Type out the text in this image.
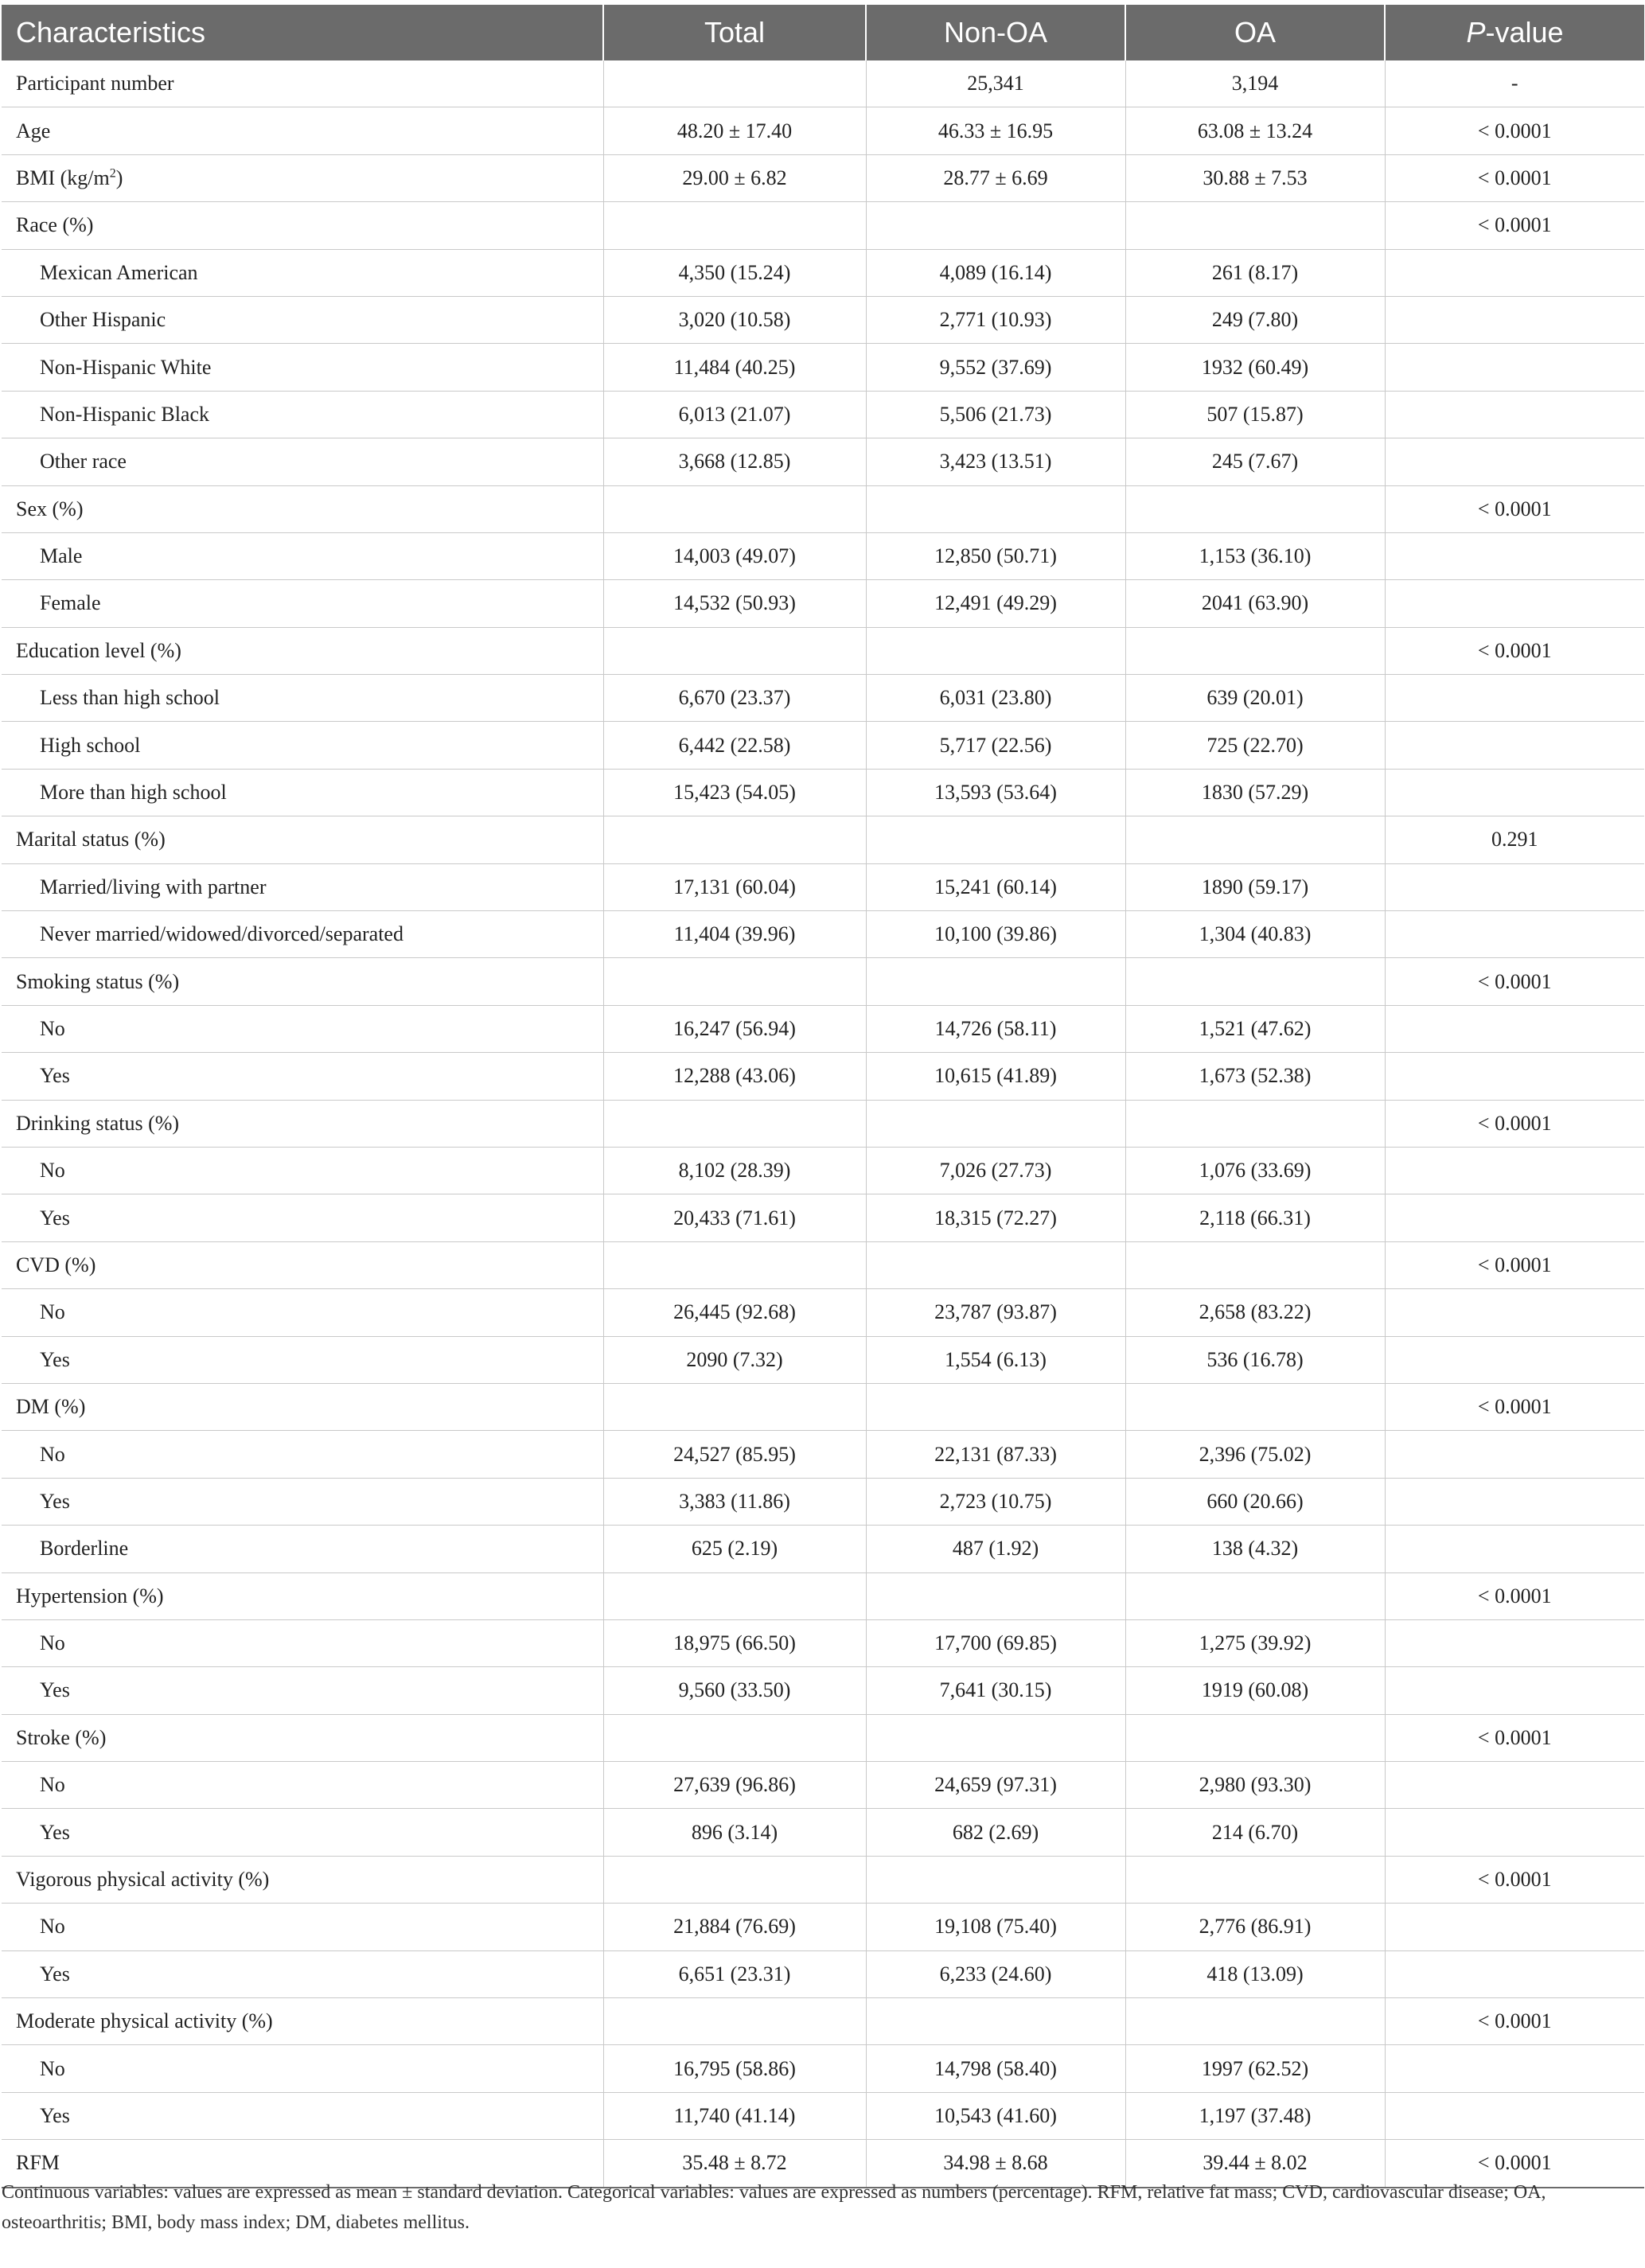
Characteristics	Total	Non-OA	OA	P-value
Participant number		25,341	3,194	-
Age	48.20 ± 17.40	46.33 ± 16.95	63.08 ± 13.24	< 0.0001
BMI $(kg/m^2)$	29.00 ± 6.82	28.77 ± 6.69	30.88 ± 7.53	< 0.0001
Race (%)				< 0.0001
Mexican American	4,350 (15.24)	4,089 (16.14)	261 (8.17)	
Other Hispanic	3,020 (10.58)	2,771 (10.93)	249 (7.80)	
Non-Hispanic White	11,484 (40.25)	9,552 (37.69)	1932 (60.49)	
Non-Hispanic Black	6,013 (21.07)	5,506 (21.73)	507 (15.87)	
Other race	3,668 (12.85)	3,423 (13.51)	245 (7.67)	
Sex (%)				< 0.0001
Male	14,003 (49.07)	12,850 (50.71)	1,153 (36.10)	
Female	14,532 (50.93)	12,491 (49.29)	2041 (63.90)	
Education level (%)				< 0.0001
Less than high school	6,670 (23.37)	6,031 (23.80)	639 (20.01)	
High school	6,442 (22.58)	5,717 (22.56)	725 (22.70)	
More than high school	15,423 (54.05)	13,593 (53.64)	1830 (57.29)	
Marital status (%)				0.291
Married/living with partner	17,131 (60.04)	15,241 (60.14)	1890 (59.17)	
Never married/widowed/divorced/separated	11,404 (39.96)	10,100 (39.86)	1,304 (40.83)	
Smoking status (%)				< 0.0001
No	16,247 (56.94)	14,726 (58.11)	1,521 (47.62)	
Yes	12,288 (43.06)	10,615 (41.89)	1,673 (52.38)	
Drinking status (%)				< 0.0001
No	8,102 (28.39)	7,026 (27.73)	1,076 (33.69)	
Yes	20,433 (71.61)	18,315 (72.27)	2,118 (66.31)	
CVD (%)				< 0.0001
No	26,445 (92.68)	23,787 (93.87)	2,658 (83.22)	
Yes	2090 (7.32)	1,554 (6.13)	536 (16.78)	
DM (%)				< 0.0001
No	24,527 (85.95)	22,131 (87.33)	2,396 (75.02)	
Yes	3,383 (11.86)	2,723 (10.75)	660 (20.66)	
Borderline	625 (2.19)	487 (1.92)	138 (4.32)	
Hypertension (%)				< 0.0001
No	18,975 (66.50)	17,700 (69.85)	1,275 (39.92)	
Yes	9,560 (33.50)	7,641 (30.15)	1919 (60.08)	
Stroke (%)				< 0.0001
No	27,639 (96.86)	24,659 (97.31)	2,980 (93.30)	
Yes	896 (3.14)	682 (2.69)	214 (6.70)	
Vigorous physical activity (%)				< 0.0001
No	21,884 (76.69)	19,108 (75.40)	2,776 (86.91)	
Yes	6,651 (23.31)	6,233 (24.60)	418 (13.09)	
Moderate physical activity (%)				< 0.0001
No	16,795 (58.86)	14,798 (58.40)	1997 (62.52)	
Yes	11,740 (41.14)	10,543 (41.60)	1,197 (37.48)	
RFM	35.48 ± 8.72	34.98 ± 8.68	39.44 ± 8.02	< 0.0001
Continuous variables: values are expressed as mean ± standard deviation. Categorical variables: values are expressed as numbers (percentage). RFM, relative fat mass; CVD, cardiovascular disease; OA, osteoarthritis; BMI, body mass index; DM, diabetes mellitus.
